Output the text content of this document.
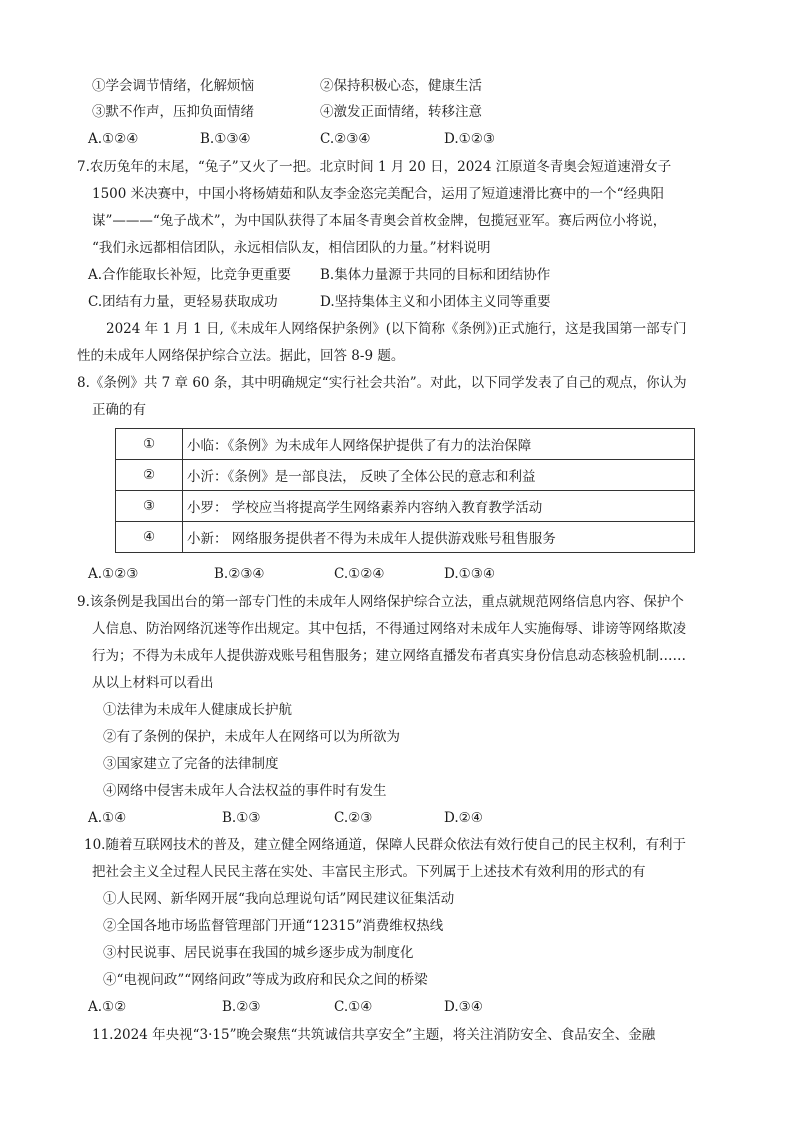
①学会调节情绪，化解烦恼	②保持积极心态，健康生活
③默不作声，压抑负面情绪	④激发正面情绪，转移注意
A.①②④	B.①③④	C.②③④	D.①②③
7.农历兔年的末尾，“兔子”又火了一把。北京时间 1 月 20 日，2024 江原道冬青奥会短道速滑女子
1500 米决赛中，中国小将杨婧茹和队友李金恣完美配合，运用了短道速滑比赛中的一个“经典阳
谋”———“兔子战术”，为中国队获得了本届冬青奥会首枚金牌，包揽冠亚军。赛后两位小将说，
“我们永远都相信团队，永远相信队友，相信团队的力量。”材料说明
A.合作能取长补短，比竞争更重要 B.集体力量源于共同的目标和团结协作
C.团结有力量，更轻易获取成功	D.坚持集体主义和小团体主义同等重要
2024 年 1 月 1 日,《未成年人网络保护条例》(以下简称《条例》)正式施行，这是我国第一部专门
性的未成年人网络保护综合立法。据此，回答 8-9 题。
8.《条例》共 7 章 60 条，其中明确规定“实行社会共治”。对此，以下同学发表了自己的观点，你认为
正确的有
①	小临：《条例》为未成年人网络保护提供了有力的法治保障
②	小沂：《条例》是一部良法， 反映了全体公民的意志和利益
③	小罗： 学校应当将提高学生网络素养内容纳入教育教学活动
④	小新： 网络服务提供者不得为未成年人提供游戏账号租售服务
A.①②③	B.②③④	C.①②④	D.①③④
9.该条例是我国出台的第一部专门性的未成年人网络保护综合立法，重点就规范网络信息内容、保护个
人信息、防治网络沉迷等作出规定。其中包括，不得通过网络对未成年人实施侮辱、诽谤等网络欺凌
行为；不得为未成年人提供游戏账号租售服务；建立网络直播发布者真实身份信息动态核验机制……
从以上材料可以看出
①法律为未成年人健康成长护航
②有了条例的保护，未成年人在网络可以为所欲为
③国家建立了完备的法律制度
④网络中侵害未成年人合法权益的事件时有发生
A.①④	B.①③	C.②③	D.②④
10.随着互联网技术的普及，建立健全网络通道，保障人民群众依法有效行使自己的民主权利，有利于
把社会主义全过程人民民主落在实处、丰富民主形式。下列属于上述技术有效利用的形式的有
①人民网、新华网开展“我向总理说句话”网民建议征集活动
②全国各地市场监督管理部门开通“12315”消费维权热线
③村民说事、居民说事在我国的城乡逐步成为制度化
④“电视问政”“网络问政”等成为政府和民众之间的桥梁
A.①②	B.②③	C.①④	D.③④
11.2024 年央视“3·15”晚会聚焦“共筑诚信共享安全”主题，将关注消防安全、食品安全、金融
